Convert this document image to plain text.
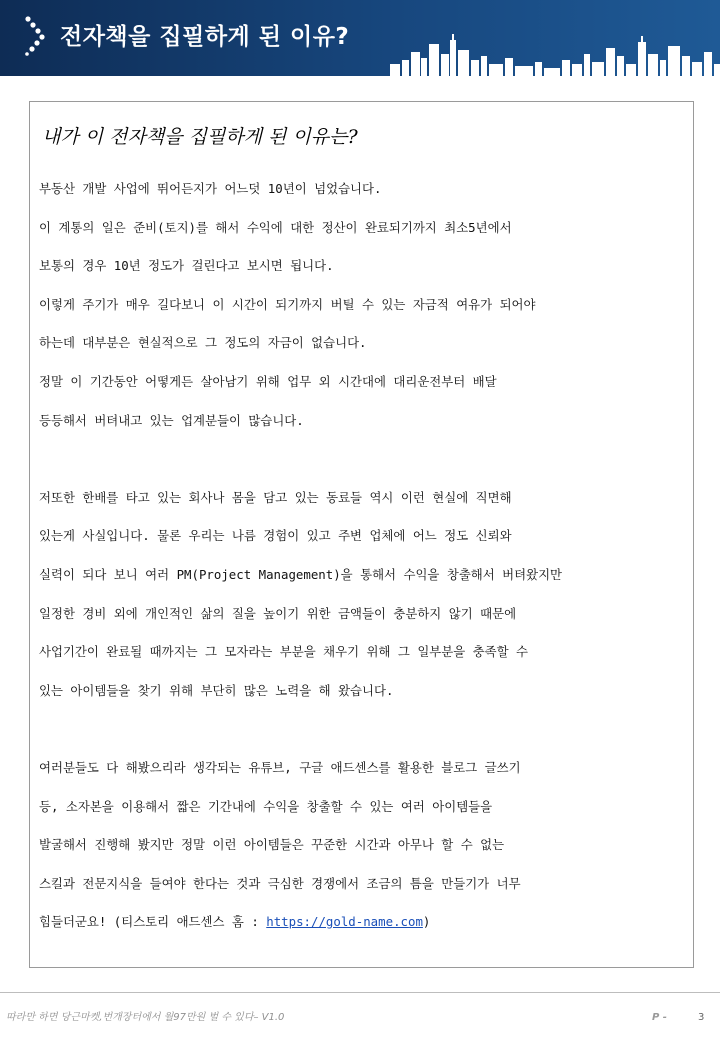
전자책을 집필하게 된 이유?
내가 이 전자책을 집필하게 된 이유는?
부동산 개발 사업에 뛰어든지가 어느덧 10년이 넘었습니다.
이 계통의 일은 준비(토지)를 해서 수익에 대한 정산이 완료되기까지 최소5년에서
보통의 경우 10년 정도가 걸린다고 보시면 됩니다.
이렇게 주기가 매우 길다보니 이 시간이 되기까지 버틸 수 있는 자금적 여유가 되어야
하는데 대부분은 현실적으로 그 정도의 자금이 없습니다.
정말 이 기간동안 어떻게든 살아남기 위해 업무 외 시간대에 대리운전부터 배달
등등해서 버텨내고 있는 업계분들이 많습니다.
저또한 한배를 타고 있는 회사나 몸을 담고 있는 동료들 역시 이런 현실에 직면해
있는게 사실입니다. 물론 우리는 나름 경험이 있고 주변 업체에 어느 정도 신뢰와
실력이 되다 보니 여러 PM(Project Management)을 통해서 수익을 창출해서 버텨왔지만
일정한 경비 외에 개인적인 삶의 질을 높이기 위한 금액들이 충분하지 않기 때문에
사업기간이 완료될 때까지는 그 모자라는 부분을 채우기 위해 그 일부분을 충족할 수
있는 아이템들을 찾기 위해 부단히 많은 노력을 해 왔습니다.
여러분들도 다 해봤으리라 생각되는 유튜브, 구글 애드센스를 활용한 블로그 글쓰기
등, 소자본을 이용해서 짧은 기간내에 수익을 창출할 수 있는 여러 아이템들을
발굴해서 진행해 봤지만 정말 이런 아이템들은 꾸준한 시간과 아무나 할 수 없는
스킬과 전문지식을 들여야 한다는 것과 극심한 경쟁에서 조금의 틈을 만들기가 너무
힘들더군요! (티스토리 애드센스 홈 : https://gold-name.com)
따라만 하면 당근마켓,번개장터에서 월97만원 벌 수 있다– V1.0	P -	3
